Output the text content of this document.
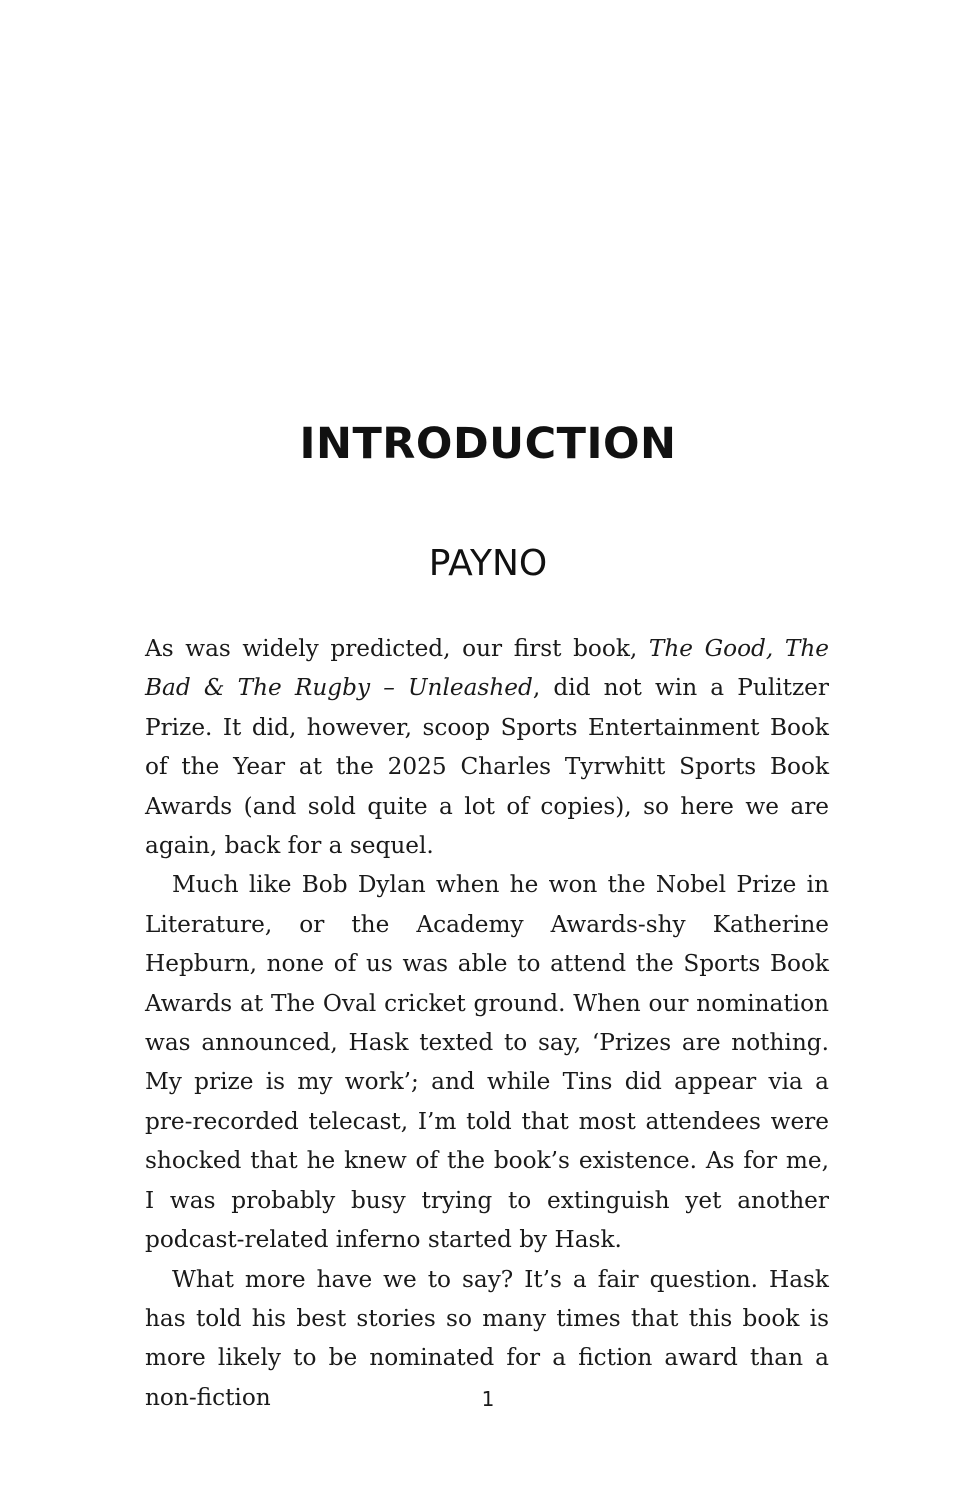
INTRODUCTION
PAYNO

As was widely predicted, our first book, The Good, The Bad & The Rugby – Unleashed, did not win a Pulitzer Prize. It did, however, scoop Sports Entertainment Book of the Year at the 2025 Charles Tyrwhitt Sports Book Awards (and sold quite a lot of copies), so here we are again, back for a sequel.

Much like Bob Dylan when he won the Nobel Prize in Literature, or the Academy Awards-shy Katherine Hepburn, none of us was able to attend the Sports Book Awards at The Oval cricket ground. When our nomination was announced, Hask texted to say, ‘Prizes are nothing. My prize is my work’; and while Tins did appear via a pre-recorded telecast, I’m told that most attendees were shocked that he knew of the book’s existence. As for me, I was probably busy trying to extinguish yet another podcast-related inferno started by Hask.

What more have we to say? It’s a fair question. Hask has told his best stories so many times that this book is more likely to be nominated for a fiction award than a non-fiction	1
